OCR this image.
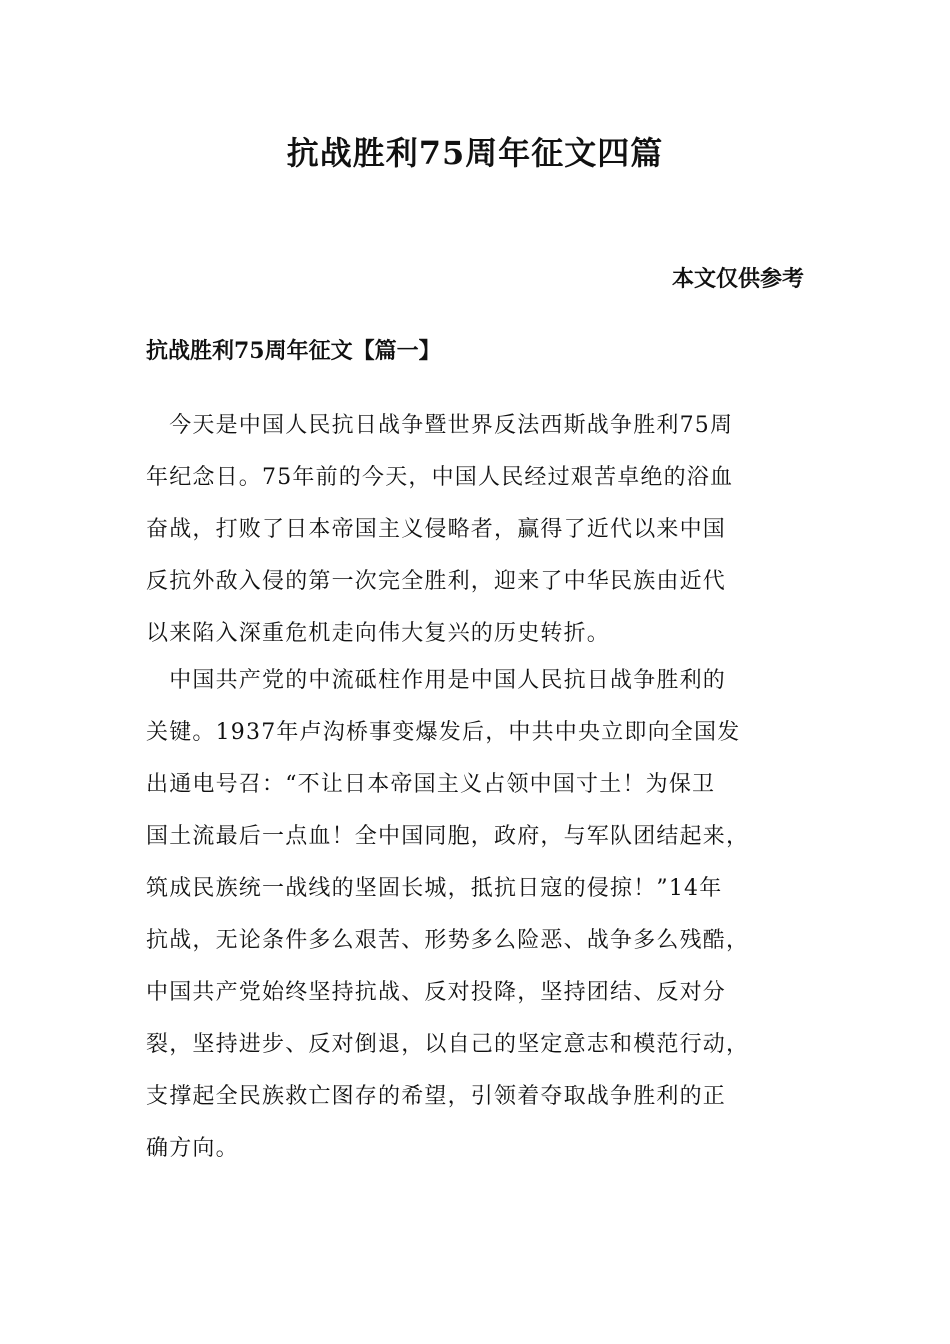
抗战胜利75周年征文四篇
本文仅供参考
抗战胜利75周年征文【篇一】

　今天是中国人民抗日战争暨世界反法西斯战争胜利75周
年纪念日。75年前的今天，中国人民经过艰苦卓绝的浴血
奋战，打败了日本帝国主义侵略者，赢得了近代以来中国
反抗外敌入侵的第一次完全胜利，迎来了中华民族由近代
以来陷入深重危机走向伟大复兴的历史转折。

　中国共产党的中流砥柱作用是中国人民抗日战争胜利的
关键。1937年卢沟桥事变爆发后，中共中央立即向全国发
出通电号召：“不让日本帝国主义占领中国寸土！为保卫
国土流最后一点血！全中国同胞，政府，与军队团结起来，
筑成民族统一战线的坚固长城，抵抗日寇的侵掠！”14年
抗战，无论条件多么艰苦、形势多么险恶、战争多么残酷，
中国共产党始终坚持抗战、反对投降，坚持团结、反对分
裂，坚持进步、反对倒退，以自己的坚定意志和模范行动，
支撑起全民族救亡图存的希望，引领着夺取战争胜利的正
确方向。
